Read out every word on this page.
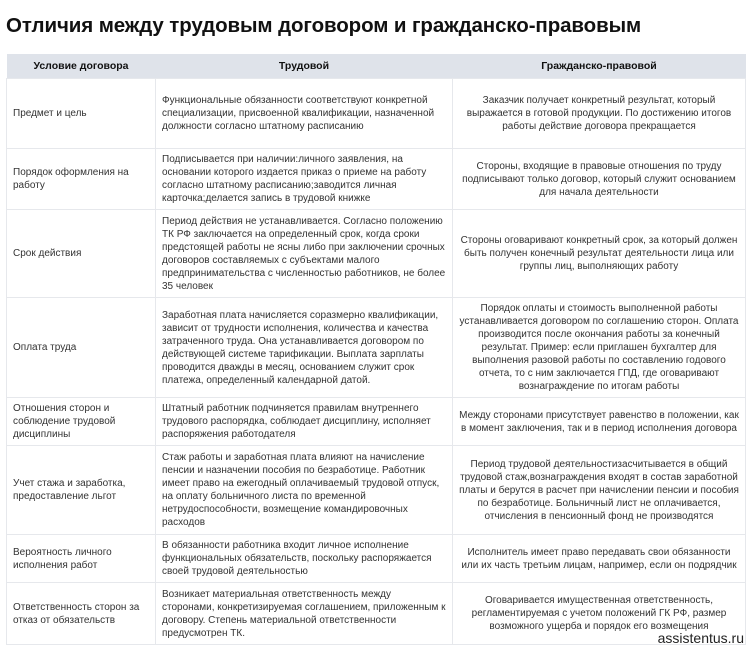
Отличия между трудовым договором и гражданско-правовым
Условие договора	Трудовой	Гражданско-правовой
Предмет и цель	Функциональные обязанности соответствуют конкретной специализации, присвоенной квалификации, назначенной должности согласно штатному расписанию	Заказчик получает конкретный результат, который выражается в готовой продукции. По достижению итогов работы действие договора прекращается
Порядок оформления на работу	Подписывается при наличии:личного заявления, на основании которого издается приказ о приеме на работу согласно штатному расписанию;заводится личная карточка;делается запись в трудовой книжке	Стороны, входящие в правовые отношения по труду подписывают только договор, который служит основанием для начала деятельности
Срок действия	Период действия не устанавливается. Согласно положению ТК РФ заключается на определенный срок, когда сроки предстоящей работы не ясны либо при заключении срочных договоров составляемых с субъектами малого предпринимательства с численностью работников, не более 35 человек	Стороны оговаривают конкретный срок, за который должен быть получен конечный результат деятельности лица или группы лиц, выполняющих работу
Оплата труда	Заработная плата начисляется соразмерно квалификации, зависит от трудности исполнения, количества и качества затраченного труда. Она устанавливается договором по действующей системе тарификации. Выплата зарплаты проводится дважды в месяц, основанием служит срок платежа, определенный календарной датой.	Порядок оплаты и стоимость выполненной работы устанавливается договором по соглашению сторон. Оплата производится после окончания работы за конечный результат. Пример: если приглашен бухгалтер для выполнения разовой работы по составлению годового отчета, то с ним заключается ГПД, где оговаривают вознаграждение по итогам работы
Отношения сторон и соблюдение трудовой дисциплины	Штатный работник подчиняется правилам внутреннего трудового распорядка, соблюдает дисциплину, исполняет распоряжения работодателя	Между сторонами присутствует равенство в положении, как в момент заключения, так и в период исполнения договора
Учет стажа и заработка, предоставление льгот	Стаж работы и заработная плата влияют на начисление пенсии и назначении пособия по безработице. Работник имеет право на ежегодный оплачиваемый трудовой отпуск, на оплату больничного листа по временной нетрудоспособности, возмещение командировочных расходов	Период трудовой деятельностизасчитывается в общий трудовой стаж,вознаграждения входят в состав заработной платы и берутся в расчет при начислении пенсии и пособия по безработице. Больничный лист не оплачивается, отчисления в пенсионный фонд не производятся
Вероятность личного исполнения работ	В обязанности работника входит личное исполнение функциональных обязательств, поскольку распоряжается своей трудовой деятельностью	Исполнитель имеет право передавать свои обязанности или их часть третьим лицам, например, если он подрядчик
Ответственность сторон за отказ от обязательств	Возникает материальная ответственность между сторонами, конкретизируемая соглашением, приложенным к договору. Степень материальной ответственности предусмотрен ТК.	Оговаривается имущественная ответственность, регламентируемая с учетом положений ГК РФ, размер возможного ущерба и порядок его возмещения
assistentus.ru
